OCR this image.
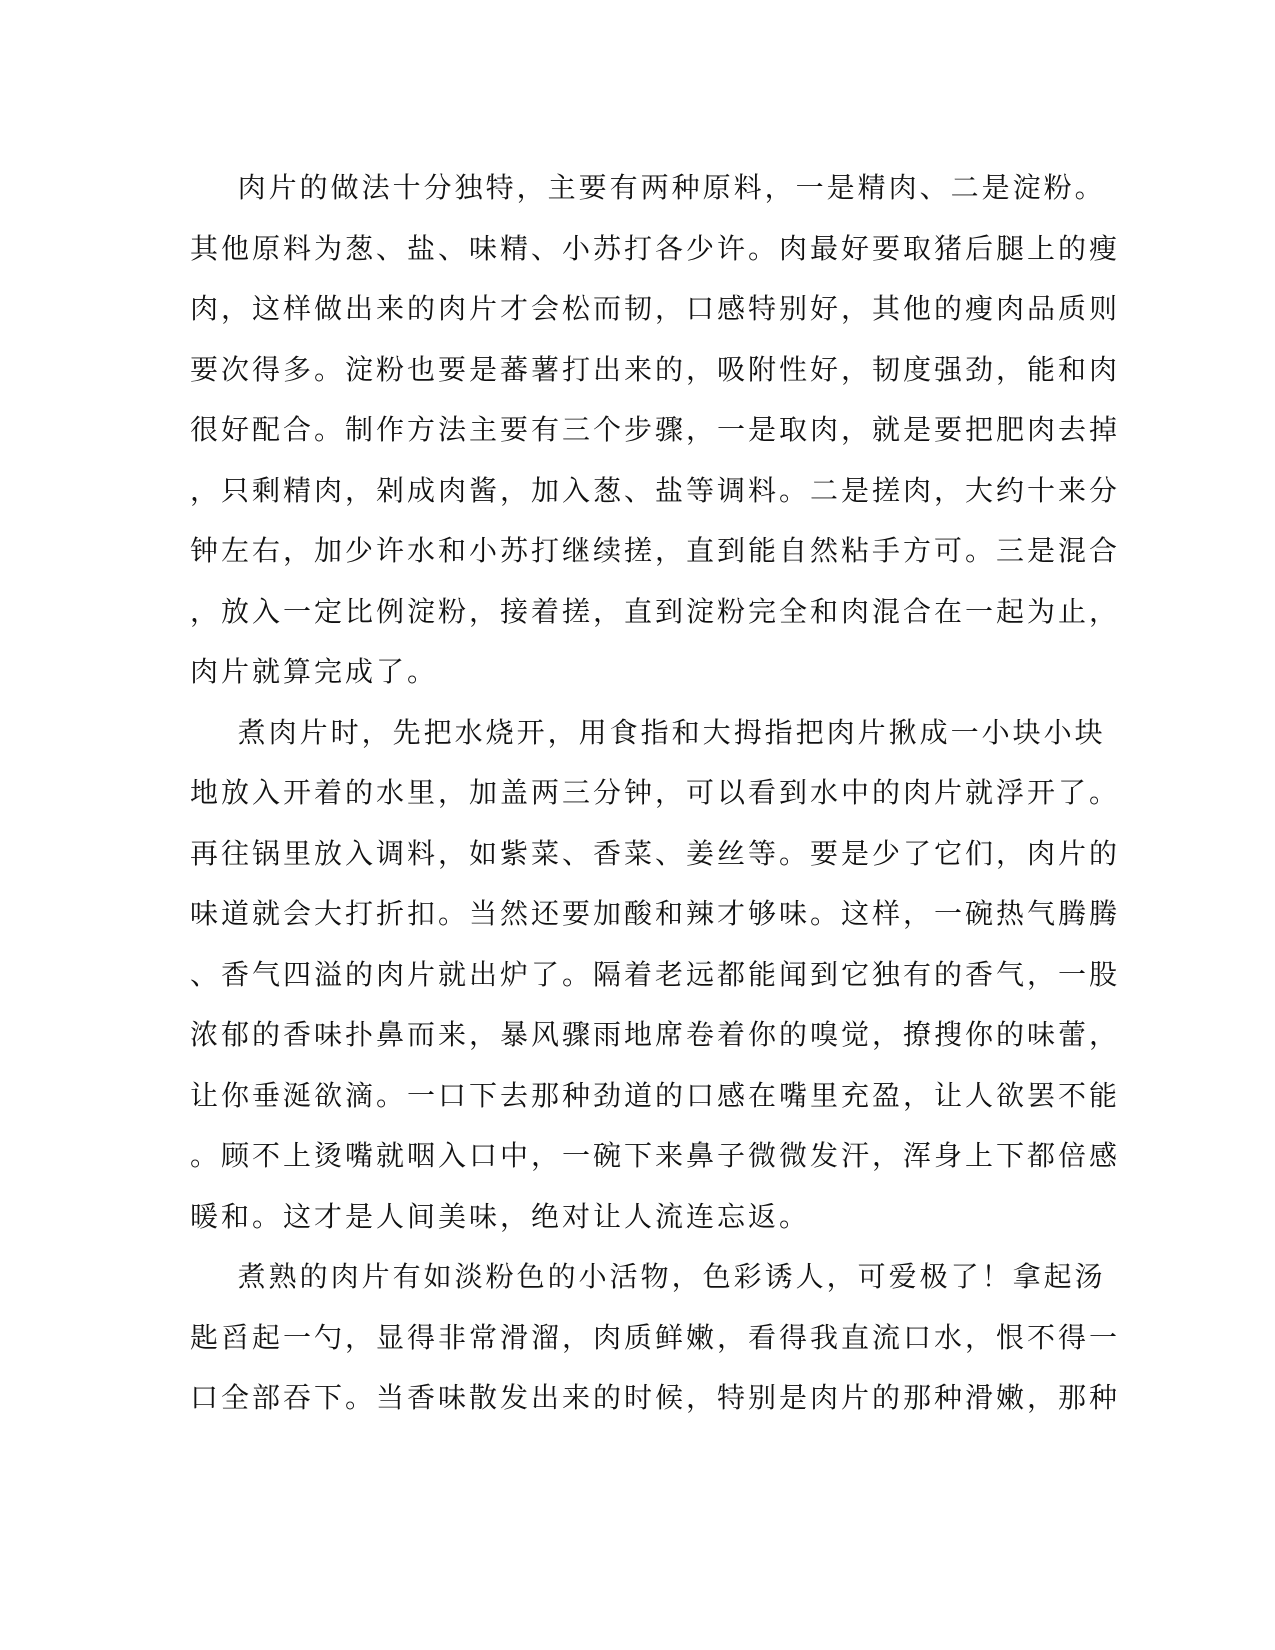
肉片的做法十分独特，主要有两种原料，一是精肉、二是淀粉。
其他原料为葱、盐、味精、小苏打各少许。肉最好要取猪后腿上的瘦
肉，这样做出来的肉片才会松而韧，口感特别好，其他的瘦肉品质则
要次得多。淀粉也要是蕃薯打出来的，吸附性好，韧度强劲，能和肉
很好配合。制作方法主要有三个步骤，一是取肉，就是要把肥肉去掉
，只剩精肉，剁成肉酱，加入葱、盐等调料。二是搓肉，大约十来分
钟左右，加少许水和小苏打继续搓，直到能自然粘手方可。三是混合
，放入一定比例淀粉，接着搓，直到淀粉完全和肉混合在一起为止，
肉片就算完成了。
煮肉片时，先把水烧开，用食指和大拇指把肉片揪成一小块小块
地放入开着的水里，加盖两三分钟，可以看到水中的肉片就浮开了。
再往锅里放入调料，如紫菜、香菜、姜丝等。要是少了它们，肉片的
味道就会大打折扣。当然还要加酸和辣才够味。这样，一碗热气腾腾
、香气四溢的肉片就出炉了。隔着老远都能闻到它独有的香气，一股
浓郁的香味扑鼻而来，暴风骤雨地席卷着你的嗅觉，撩搜你的味蕾，
让你垂涎欲滴。一口下去那种劲道的口感在嘴里充盈，让人欲罢不能
。顾不上烫嘴就咽入口中，一碗下来鼻子微微发汗，浑身上下都倍感
暖和。这才是人间美味，绝对让人流连忘返。
煮熟的肉片有如淡粉色的小活物，色彩诱人，可爱极了！拿起汤
匙舀起一勺，显得非常滑溜，肉质鲜嫩，看得我直流口水，恨不得一
口全部吞下。当香味散发出来的时候，特别是肉片的那种滑嫩，那种
